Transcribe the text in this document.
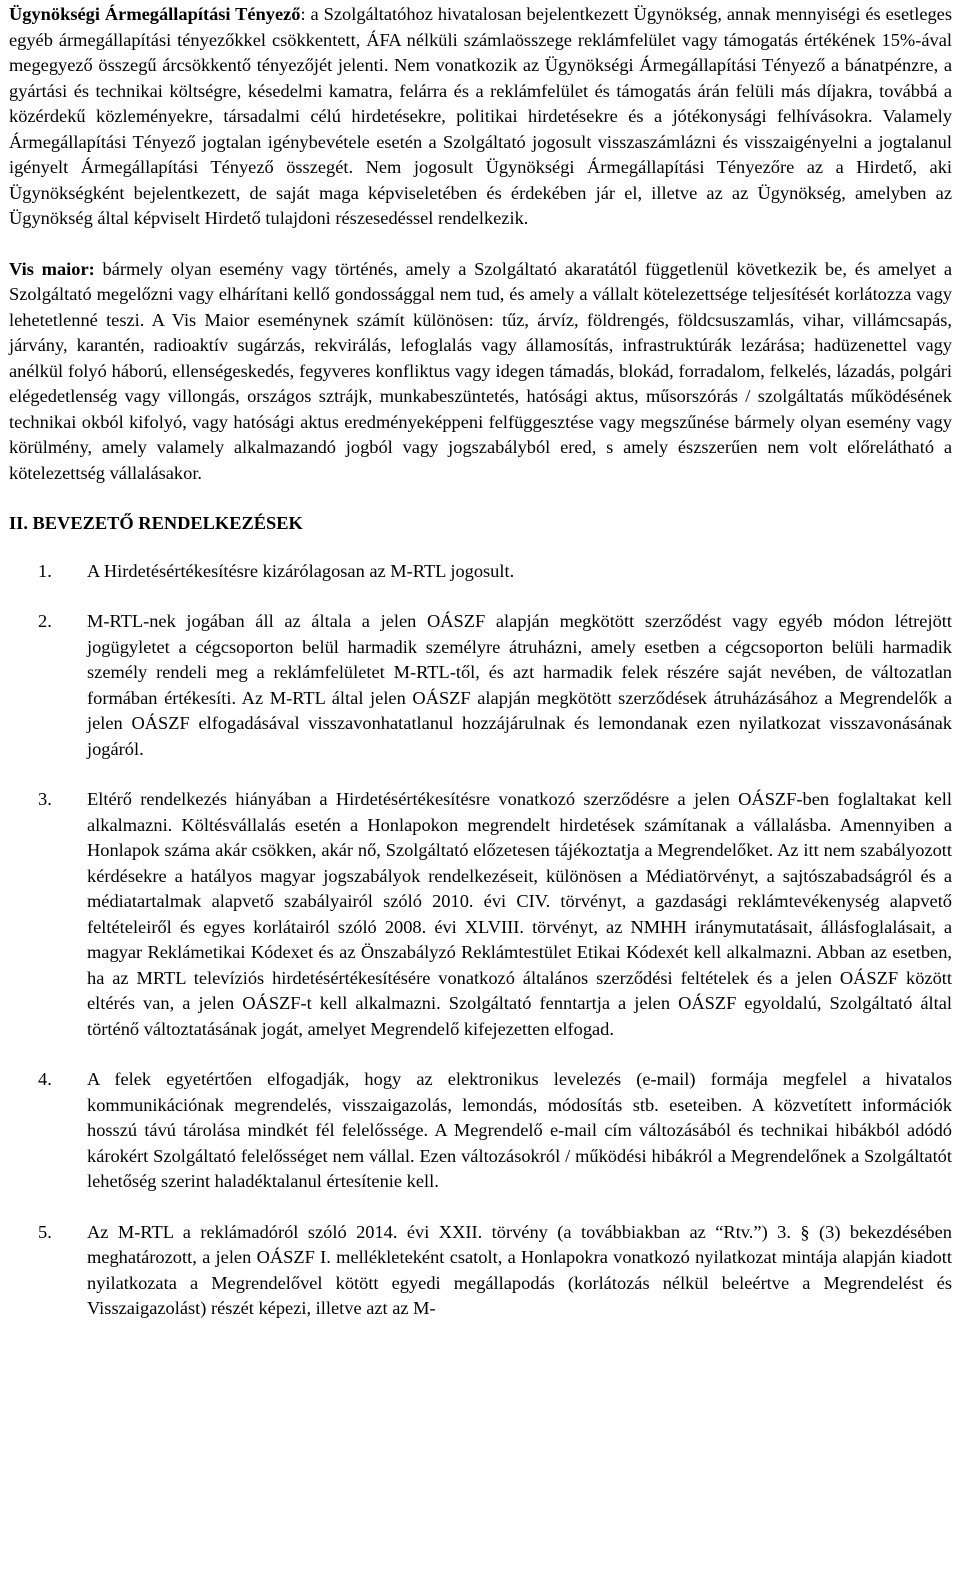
Ügynökségi Ármegállapítási Tényező: a Szolgáltatóhoz hivatalosan bejelentkezett Ügynökség, annak mennyiségi és esetleges egyéb ármegállapítási tényezőkkel csökkentett, ÁFA nélküli számlaösszege reklámfelület vagy támogatás értékének 15%-ával megegyező összegű árcsökkentő tényezőjét jelenti. Nem vonatkozik az Ügynökségi Ármegállapítási Tényező a bánatpénzre, a gyártási és technikai költségre, késedelmi kamatra, felárra és a reklámfelület és támogatás árán felüli más díjakra, továbbá a közérdekű közleményekre, társadalmi célú hirdetésekre, politikai hirdetésekre és a jótékonysági felhívásokra. Valamely Ármegállapítási Tényező jogtalan igénybevétele esetén a Szolgáltató jogosult visszaszámlázni és visszaigényelni a jogtalanul igényelt Ármegállapítási Tényező összegét. Nem jogosult Ügynökségi Ármegállapítási Tényezőre az a Hirdető, aki Ügynökségként bejelentkezett, de saját maga képviseletében és érdekében jár el, illetve az az Ügynökség, amelyben az Ügynökség által képviselt Hirdető tulajdoni részesedéssel rendelkezik.

Vis maior: bármely olyan esemény vagy történés, amely a Szolgáltató akaratától függetlenül következik be, és amelyet a Szolgáltató megelőzni vagy elhárítani kellő gondossággal nem tud, és amely a vállalt kötelezettsége teljesítését korlátozza vagy lehetetlenné teszi. A Vis Maior eseménynek számít különösen: tűz, árvíz, földrengés, földcsuszamlás, vihar, villámcsapás, járvány, karantén, radioaktív sugárzás, rekvirálás, lefoglalás vagy államosítás, infrastruktúrák lezárása; hadüzenettel vagy anélkül folyó háború, ellenségeskedés, fegyveres konfliktus vagy idegen támadás, blokád, forradalom, felkelés, lázadás, polgári elégedetlenség vagy villongás, országos sztrájk, munkabeszüntetés, hatósági aktus, műsorszórás / szolgáltatás működésének technikai okból kifolyó, vagy hatósági aktus eredményeképpeni felfüggesztése vagy megszűnése bármely olyan esemény vagy körülmény, amely valamely alkalmazandó jogból vagy jogszabályból ered, s amely észszerűen nem volt előrelátható a kötelezettség vállalásakor.

II. BEVEZETŐ RENDELKEZÉSEK
1. A Hirdetésértékesítésre kizárólagosan az M-RTL jogosult.

2. M-RTL-nek jogában áll az általa a jelen OÁSZF alapján megkötött szerződést vagy egyéb módon létrejött jogügyletet a cégcsoporton belül harmadik személyre átruházni, amely esetben a cégcsoporton belüli harmadik személy rendeli meg a reklámfelületet M-RTL-től, és azt harmadik felek részére saját nevében, de változatlan formában értékesíti. Az M-RTL által jelen OÁSZF alapján megkötött szerződések átruházásához a Megrendelők a jelen OÁSZF elfogadásával visszavonhatatlanul hozzájárulnak és lemondanak ezen nyilatkozat visszavonásának jogáról.

3. Eltérő rendelkezés hiányában a Hirdetésértékesítésre vonatkozó szerződésre a jelen OÁSZF-ben foglaltakat kell alkalmazni. Költésvállalás esetén a Honlapokon megrendelt hirdetések számítanak a vállalásba. Amennyiben a Honlapok száma akár csökken, akár nő, Szolgáltató előzetesen tájékoztatja a Megrendelőket. Az itt nem szabályozott kérdésekre a hatályos magyar jogszabályok rendelkezéseit, különösen a Médiatörvényt, a sajtószabadságról és a médiatartalmak alapvető szabályairól szóló 2010. évi CIV. törvényt, a gazdasági reklámtevékenység alapvető feltételeiről és egyes korlátairól szóló 2008. évi XLVIII. törvényt, az NMHH iránymutatásait, állásfoglalásait, a magyar Reklámetikai Kódexet és az Önszabályzó Reklámtestület Etikai Kódexét kell alkalmazni. Abban az esetben, ha az MRTL televíziós hirdetésértékesítésére vonatkozó általános szerződési feltételek és a jelen OÁSZF között eltérés van, a jelen OÁSZF-t kell alkalmazni. Szolgáltató fenntartja a jelen OÁSZF egyoldalú, Szolgáltató által történő változtatásának jogát, amelyet Megrendelő kifejezetten elfogad.

4. A felek egyetértően elfogadják, hogy az elektronikus levelezés (e-mail) formája megfelel a hivatalos kommunikációnak megrendelés, visszaigazolás, lemondás, módosítás stb. eseteiben. A közvetített információk hosszú távú tárolása mindkét fél felelőssége. A Megrendelő e-mail cím változásából és technikai hibákból adódó károkért Szolgáltató felelősséget nem vállal. Ezen változásokról / működési hibákról a Megrendelőnek a Szolgáltatót lehetőség szerint haladéktalanul értesítenie kell.

5. Az M-RTL a reklámadóról szóló 2014. évi XXII. törvény (a továbbiakban az “Rtv.”) 3. § (3) bekezdésében meghatározott, a jelen OÁSZF I. mellékleteként csatolt, a Honlapokra vonatkozó nyilatkozat mintája alapján kiadott nyilatkozata a Megrendelővel kötött egyedi megállapodás (korlátozás nélkül beleértve a Megrendelést és Visszaigazolást) részét képezi, illetve azt az M-
